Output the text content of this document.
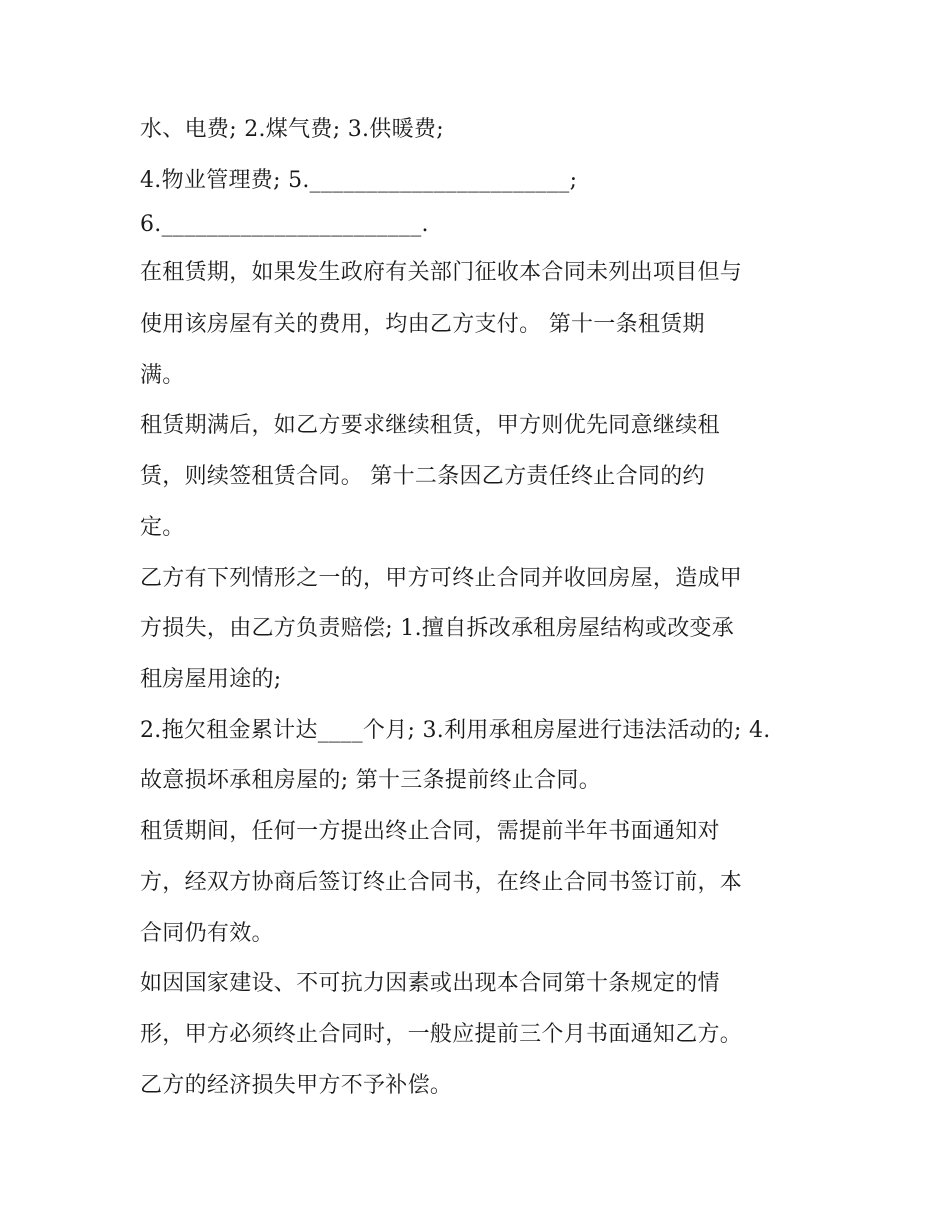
水、电费; 2.煤气费; 3.供暖费;

4.物业管理费; 5._______________________;

6._______________________.

在租赁期，如果发生政府有关部门征收本合同未列出项目但与

使用该房屋有关的费用，均由乙方支付。 第十一条租赁期

满。

租赁期满后，如乙方要求继续租赁，甲方则优先同意继续租

赁，则续签租赁合同。 第十二条因乙方责任终止合同的约

定。

乙方有下列情形之一的，甲方可终止合同并收回房屋，造成甲

方损失，由乙方负责赔偿; 1.擅自拆改承租房屋结构或改变承

租房屋用途的;

2.拖欠租金累计达____个月; 3.利用承租房屋进行违法活动的; 4.

故意损坏承租房屋的; 第十三条提前终止合同。

租赁期间，任何一方提出终止合同，需提前半年书面通知对

方，经双方协商后签订终止合同书，在终止合同书签订前，本

合同仍有效。

如因国家建设、不可抗力因素或出现本合同第十条规定的情

形，甲方必须终止合同时，一般应提前三个月书面通知乙方。

乙方的经济损失甲方不予补偿。
